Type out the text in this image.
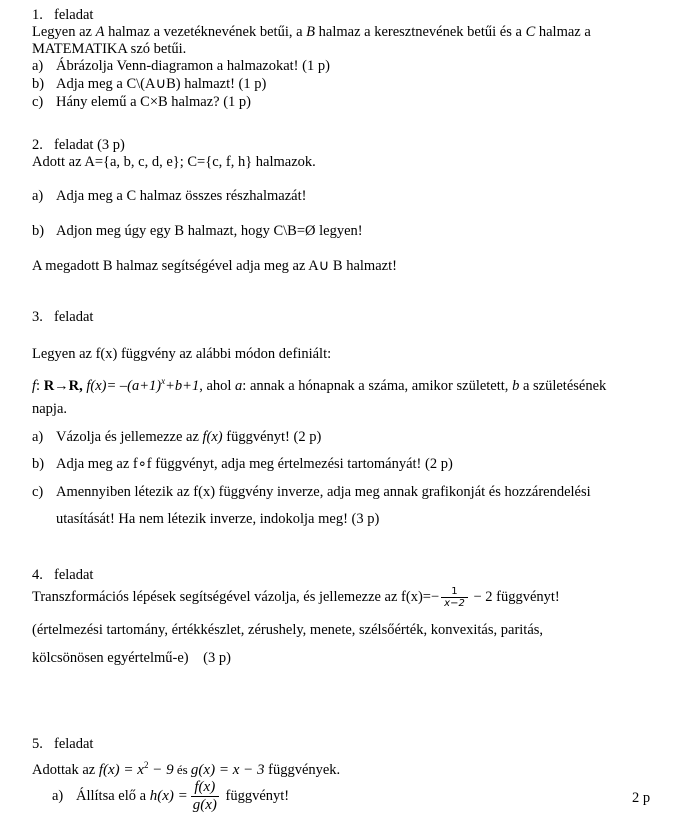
1. feladat
Legyen az A halmaz a vezetéknevének betűi, a B halmaz a keresztnevének betűi és a C halmaz a
MATEMATIKA szó betűi.
a) Ábrázolja Venn-diagramon a halmazokat! (1 p)
b) Adja meg a C\(A∪B) halmazt! (1 p)
c) Hány elemű a C×B halmaz? (1 p)
2. feladat (3 p)
Adott az A={a, b, c, d, e}; C={c, f, h} halmazok.
a) Adja meg a C halmaz összes részhalmazát!
b) Adjon meg úgy egy B halmazt, hogy C\B=Ø legyen!
A megadott B halmaz segítségével adja meg az A∪ B halmazt!
3. feladat
Legyen az f(x) függvény az alábbi módon definiált:
f: R→R, $f(x)= -(a+1)^x+b+1$, ahol a: annak a hónapnak a száma, amikor született, b a születésének
napja.
a) Vázolja és jellemezze az f(x) függvényt! (2 p)
b) Adja meg az f∘f függvényt, adja meg értelmezési tartományát! (2 p)
c) Amennyiben létezik az f(x) függvény inverze, adja meg annak grafikonját és hozzárendelési
utasítását! Ha nem létezik inverze, indokolja meg! (3 p)
4. feladat
Transzformációs lépések segítségével vázolja, és jellemezze az $f(x)=- \frac{1}{x-2} - 2$ függvényt!
(értelmezési tartomány, értékkészlet, zérushely, menete, szélsőérték, konvexitás, paritás,
kölcsönösen egyértelmű-e)    (3 p)
5. feladat
Adottak az $f(x) = x^2 - 9$ és g(x) = x − 3 függvények.
a) Állítsa elő a $h(x) = \frac{f(x)}{g(x)}$ függvényt!	2 p
